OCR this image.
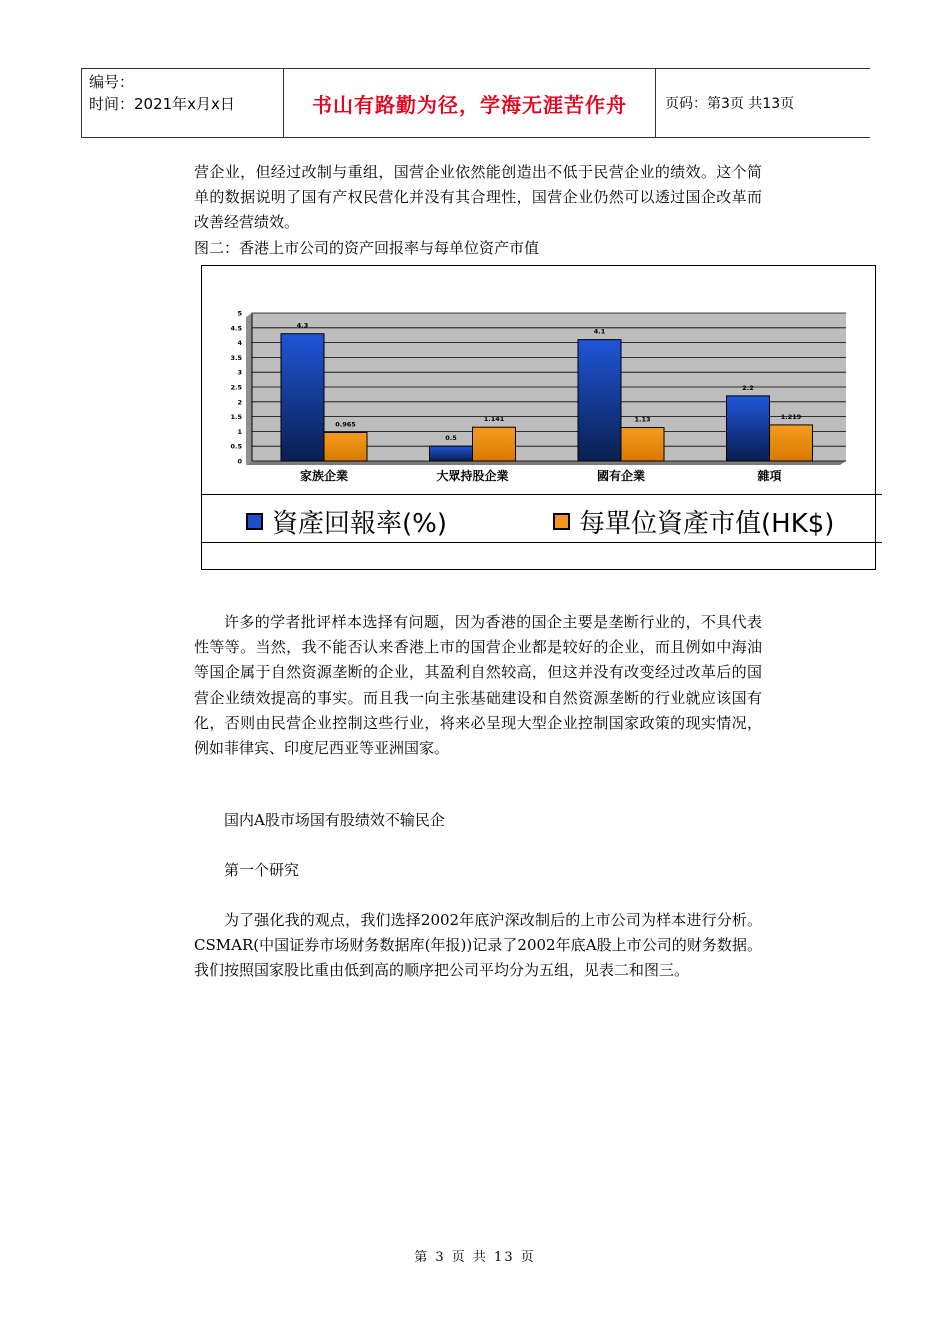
编号：
时间：2021年x月x日	书山有路勤为径，学海无涯苦作舟	页码：第3页 共13页

营企业，但经过改制与重组，国营企业依然能创造出不低于民营企业的绩效。这个简单的数据说明了国有产权民营化并没有其合理性，国营企业仍然可以透过国企改革而改善经营绩效。

图二：香港上市公司的资产回报率与每单位资产市值
0
0.5
1
1.5
2
2.5
3
3.5
4
4.5
5
4.3
0.965
家族企業
0.5
1.141
大眾持股企業
4.1
1.13
國有企業
2.2
1.219
雜項
資產回報率(%)	每單位資產市值(HK$)

许多的学者批评样本选择有问题，因为香港的国企主要是垄断行业的，不具代表性等等。当然，我不能否认来香港上市的国营企业都是较好的企业，而且例如中海油等国企属于自然资源垄断的企业，其盈利自然较高，但这并没有改变经过改革后的国营企业绩效提高的事实。而且我一向主张基础建设和自然资源垄断的行业就应该国有化，否则由民营企业控制这些行业，将来必呈现大型企业控制国家政策的现实情况，例如菲律宾、印度尼西亚等亚洲国家。

国内A股市场国有股绩效不输民企

第一个研究

为了强化我的观点，我们选择2002年底沪深改制后的上市公司为样本进行分析。CSMAR(中国证券市场财务数据库(年报))记录了2002年底A股上市公司的财务数据。我们按照国家股比重由低到高的顺序把公司平均分为五组，见表二和图三。

第 3 页 共 13 页
